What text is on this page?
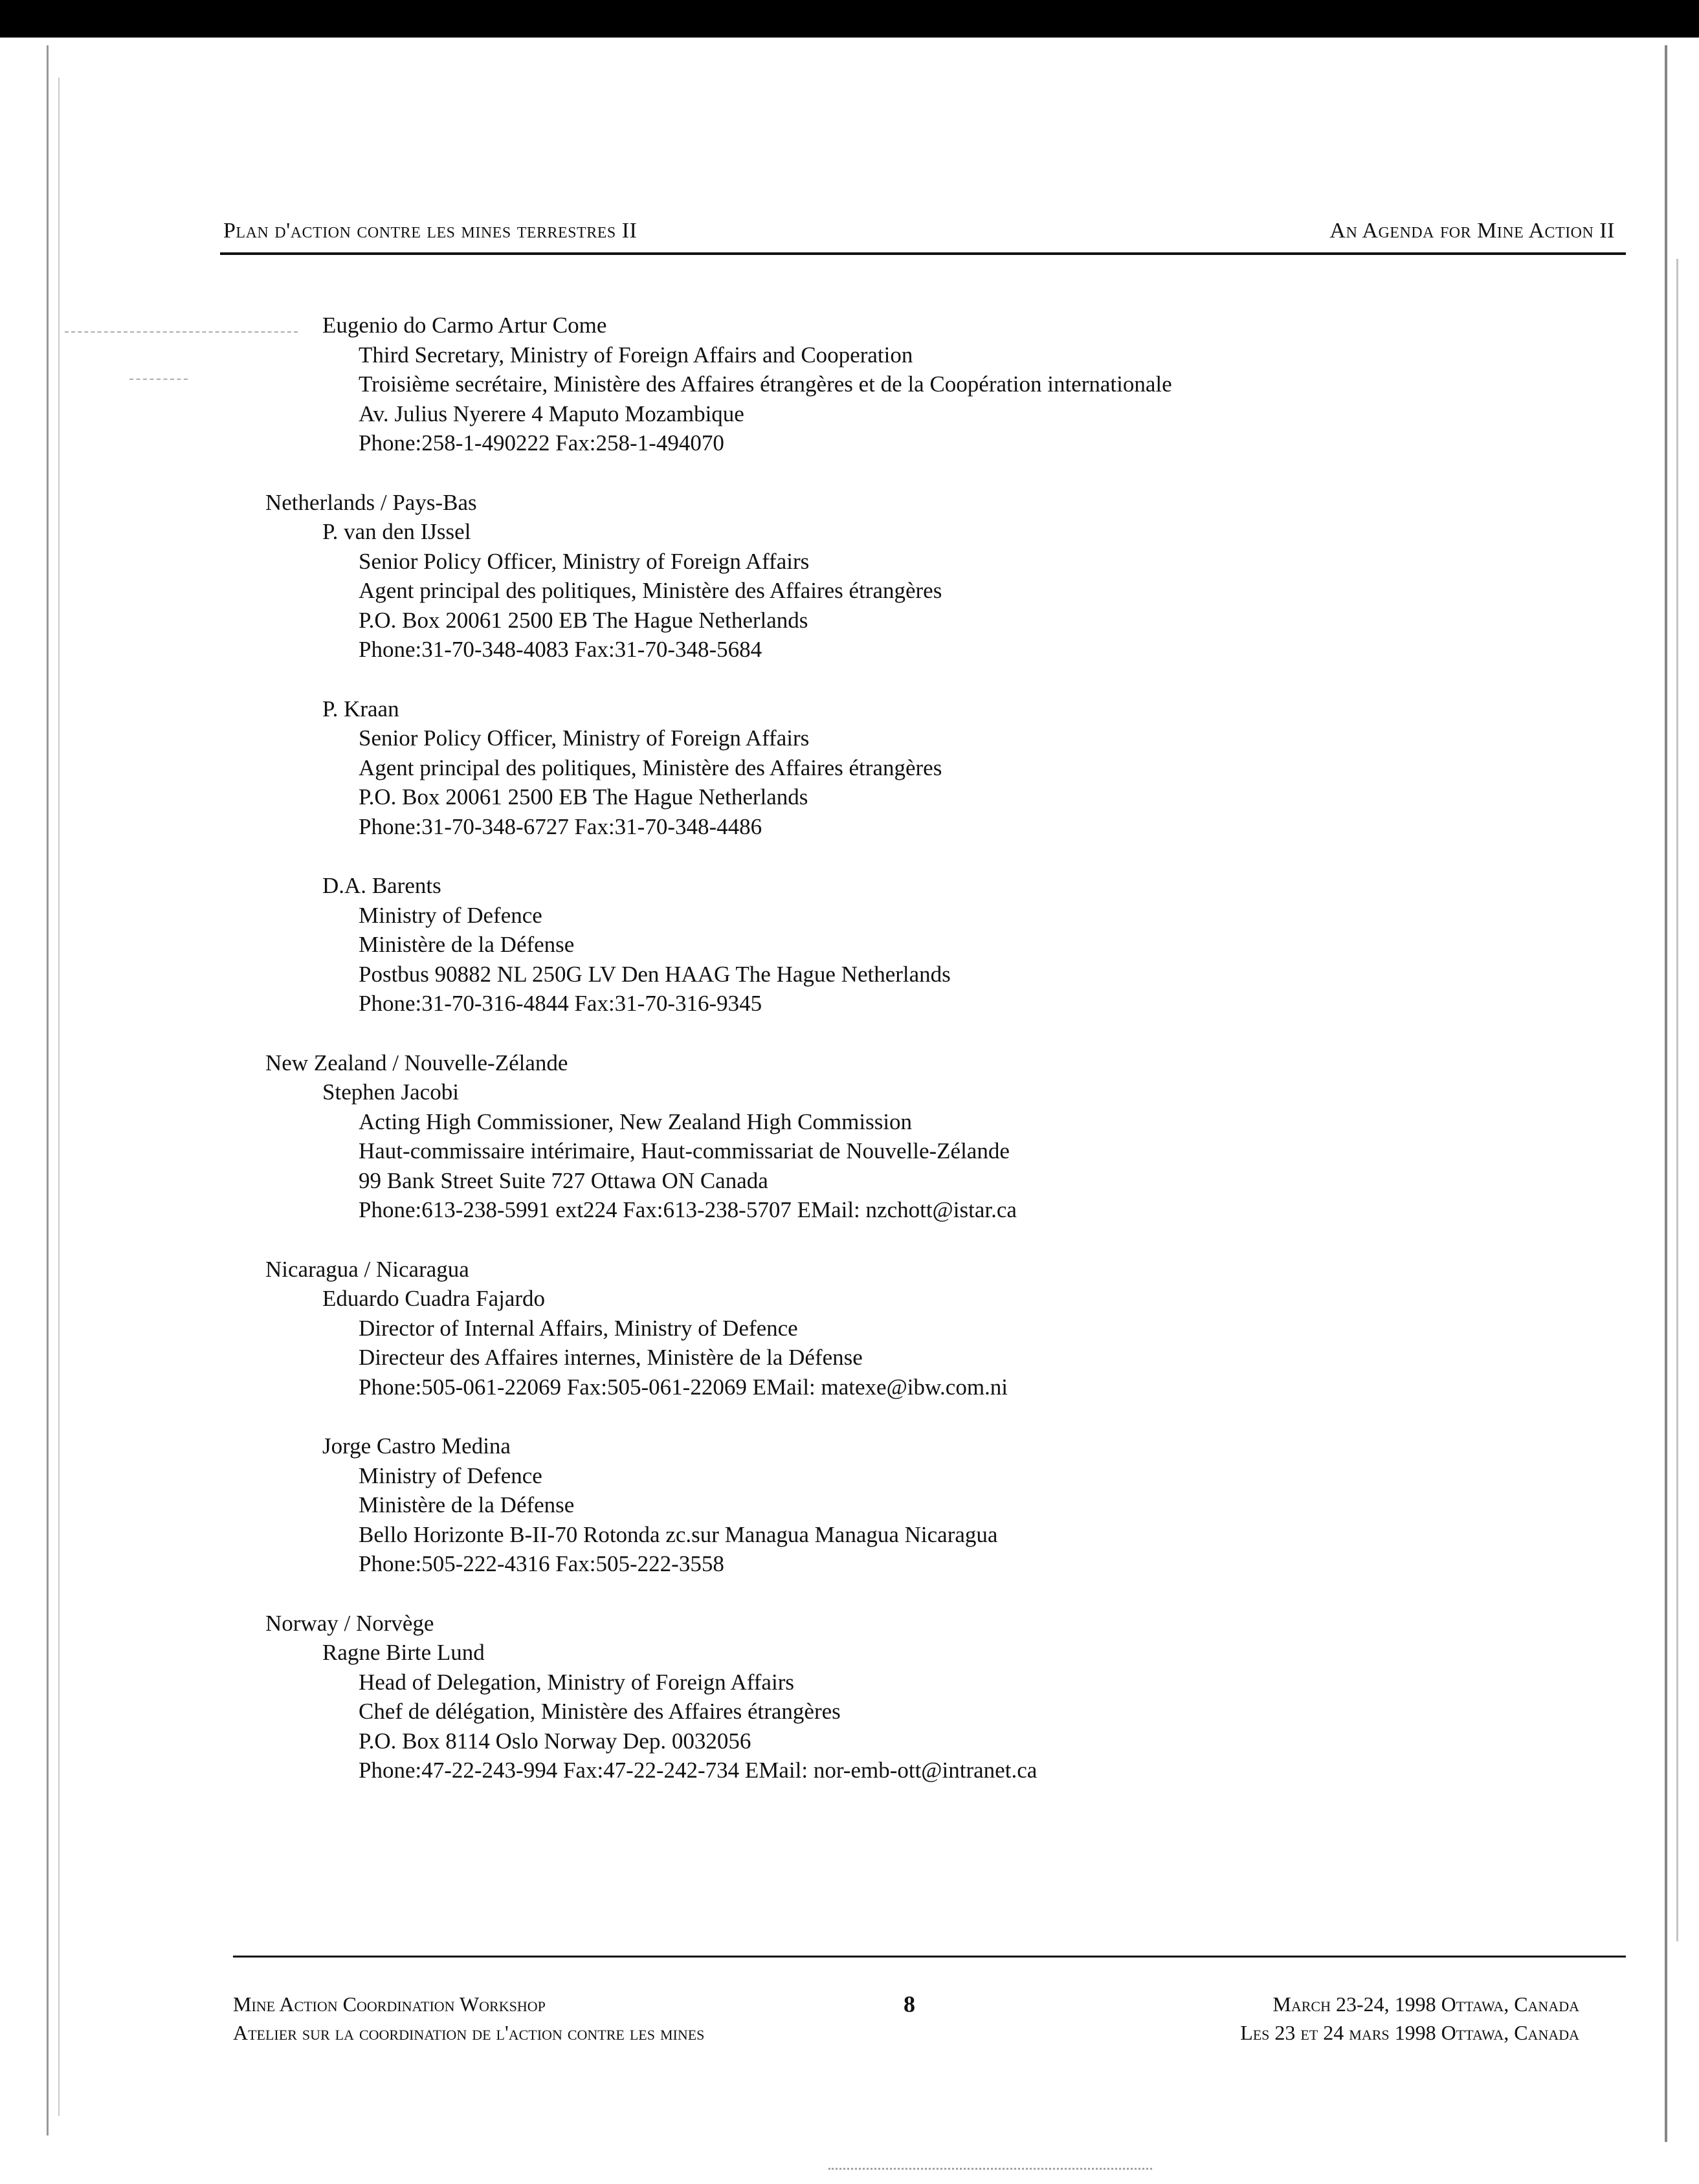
Plan d'action contre les mines terrestres II	An Agenda for Mine Action II
Eugenio do Carmo Artur Come
Third Secretary, Ministry of Foreign Affairs and Cooperation
Troisième secrétaire, Ministère des Affaires étrangères et de la Coopération internationale
Av. Julius Nyerere 4 Maputo Mozambique
Phone:258-1-490222 Fax:258-1-494070
Netherlands / Pays-Bas
P. van den IJssel
Senior Policy Officer, Ministry of Foreign Affairs
Agent principal des politiques, Ministère des Affaires étrangères
P.O. Box 20061 2500 EB The Hague Netherlands
Phone:31-70-348-4083 Fax:31-70-348-5684
P. Kraan
Senior Policy Officer, Ministry of Foreign Affairs
Agent principal des politiques, Ministère des Affaires étrangères
P.O. Box 20061 2500 EB The Hague Netherlands
Phone:31-70-348-6727 Fax:31-70-348-4486
D.A. Barents
Ministry of Defence
Ministère de la Défense
Postbus 90882 NL 250G LV Den HAAG The Hague Netherlands
Phone:31-70-316-4844 Fax:31-70-316-9345
New Zealand / Nouvelle-Zélande
Stephen Jacobi
Acting High Commissioner, New Zealand High Commission
Haut-commissaire intérimaire, Haut-commissariat de Nouvelle-Zélande
99 Bank Street Suite 727 Ottawa ON Canada
Phone:613-238-5991 ext224 Fax:613-238-5707 EMail: nzchott@istar.ca
Nicaragua / Nicaragua
Eduardo Cuadra Fajardo
Director of Internal Affairs, Ministry of Defence
Directeur des Affaires internes, Ministère de la Défense
Phone:505-061-22069 Fax:505-061-22069 EMail: matexe@ibw.com.ni
Jorge Castro Medina
Ministry of Defence
Ministère de la Défense
Bello Horizonte B-II-70 Rotonda zc.sur Managua Managua Nicaragua
Phone:505-222-4316 Fax:505-222-3558
Norway / Norvège
Ragne Birte Lund
Head of Delegation, Ministry of Foreign Affairs
Chef de délégation, Ministère des Affaires étrangères
P.O. Box 8114 Oslo Norway Dep. 0032056
Phone:47-22-243-994 Fax:47-22-242-734 EMail: nor-emb-ott@intranet.ca
Mine Action Coordination Workshop
Atelier sur la coordination de l'action contre les mines
8	March 23-24, 1998 Ottawa, Canada
Les 23 et 24 mars 1998 Ottawa, Canada
